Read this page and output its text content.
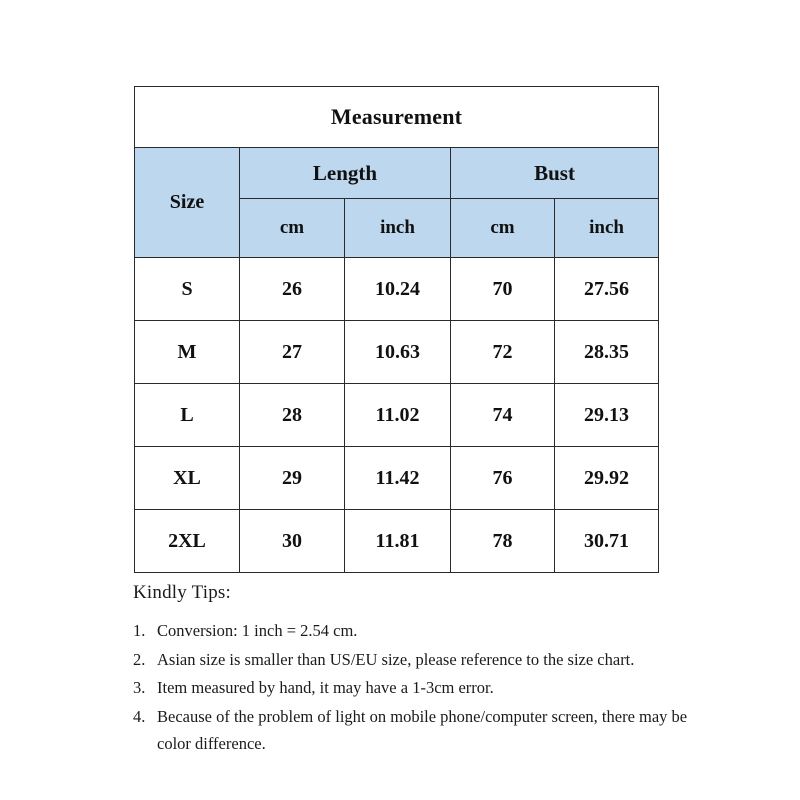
Measurement				
Size	Length		Bust	
	cm	inch	cm	inch
S	26	10.24	70	27.56
M	27	10.63	72	28.35
L	28	11.02	74	29.13
XL	29	11.42	76	29.92
2XL	30	11.81	78	30.71
Kindly Tips:
1. Conversion: 1 inch = 2.54 cm.
2. Asian size is smaller than US/EU size, please reference to the size chart.
3. Item measured by hand, it may have a 1-3cm error.
4. Because of the problem of light on mobile phone/computer screen, there may be color difference.
